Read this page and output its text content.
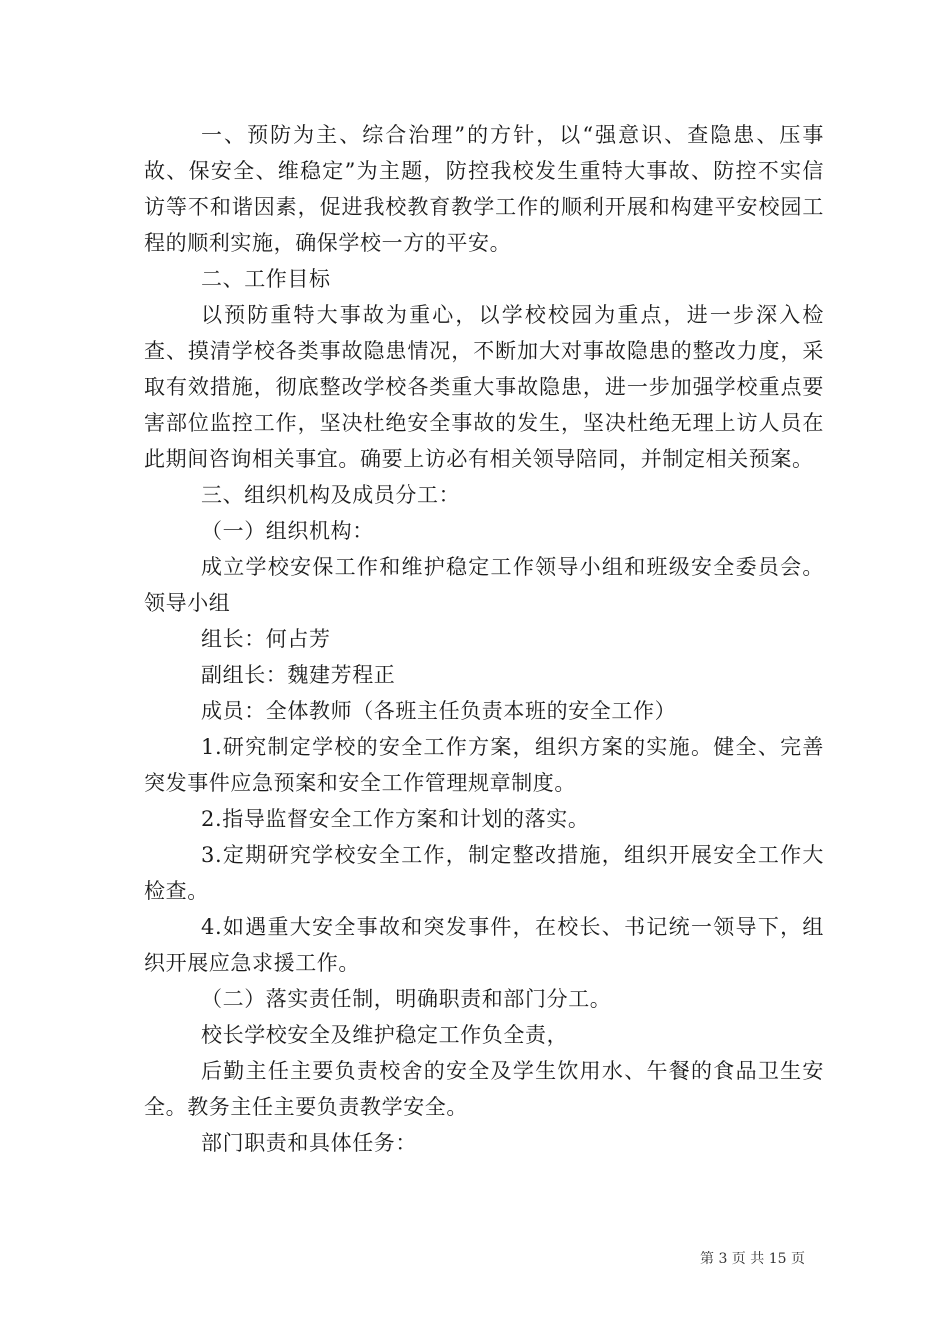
一、预防为主、综合治理”的方针，以“强意识、查隐患、压事故、保安全、维稳定”为主题，防控我校发生重特大事故、防控不实信访等不和谐因素，促进我校教育教学工作的顺利开展和构建平安校园工程的顺利实施，确保学校一方的平安。

二、工作目标

以预防重特大事故为重心，以学校校园为重点，进一步深入检查、摸清学校各类事故隐患情况，不断加大对事故隐患的整改力度，采取有效措施，彻底整改学校各类重大事故隐患，进一步加强学校重点要害部位监控工作，坚决杜绝安全事故的发生，坚决杜绝无理上访人员在此期间咨询相关事宜。确要上访必有相关领导陪同，并制定相关预案。

三、组织机构及成员分工：

（一）组织机构：

成立学校安保工作和维护稳定工作领导小组和班级安全委员会。领导小组

组长：何占芳

副组长：魏建芳程正

成员：全体教师（各班主任负责本班的安全工作）

1.研究制定学校的安全工作方案，组织方案的实施。健全、完善突发事件应急预案和安全工作管理规章制度。

2.指导监督安全工作方案和计划的落实。

3.定期研究学校安全工作，制定整改措施，组织开展安全工作大检查。

4.如遇重大安全事故和突发事件，在校长、书记统一领导下，组织开展应急求援工作。

（二）落实责任制，明确职责和部门分工。

校长学校安全及维护稳定工作负全责，

后勤主任主要负责校舍的安全及学生饮用水、午餐的食品卫生安全。教务主任主要负责教学安全。

部门职责和具体任务：

第 3 页 共 15 页
